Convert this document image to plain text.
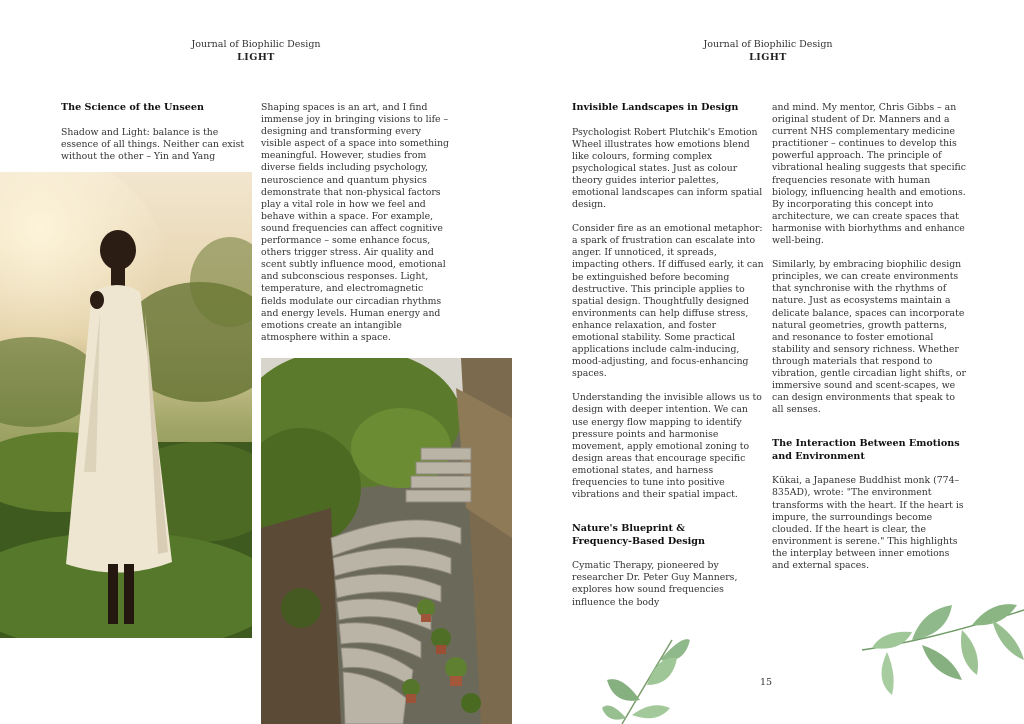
Journal of Biophilic Design
LIGHT
The Science of the Unseen

Shadow and Light: balance is the essence of all things. Neither can exist without the other – Yin and Yang

Shaping spaces is an art, and I find immense joy in bringing visions to life – designing and transforming every visible aspect of a space into something meaningful. However, studies from diverse fields including psychology, neuroscience and quantum physics demonstrate that non-physical factors play a vital role in how we feel and behave within a space. For example, sound frequencies can affect cognitive performance – some enhance focus, others trigger stress. Air quality and scent subtly influence mood, emotional and subconscious responses. Light, temperature, and electromagnetic fields modulate our circadian rhythms and energy levels. Human energy and emotions create an intangible atmosphere within a space.

Journal of Biophilic Design
LIGHT
Invisible Landscapes in Design

Psychologist Robert Plutchik's Emotion Wheel illustrates how emotions blend like colours, forming complex psychological states. Just as colour theory guides interior palettes, emotional landscapes can inform spatial design.

Consider fire as an emotional metaphor: a spark of frustration can escalate into anger. If unnoticed, it spreads, impacting others. If diffused early, it can be extinguished before becoming destructive. This principle applies to spatial design. Thoughtfully designed environments can help diffuse stress, enhance relaxation, and foster emotional stability. Some practical applications include calm-inducing, mood-adjusting, and focus-enhancing spaces.

Understanding the invisible allows us to design with deeper intention. We can use energy flow mapping to identify pressure points and harmonise movement, apply emotional zoning to design areas that encourage specific emotional states, and harness frequencies to tune into positive vibrations and their spatial impact.

Nature's Blueprint & Frequency-Based Design

Cymatic Therapy, pioneered by researcher Dr. Peter Guy Manners, explores how sound frequencies influence the body

and mind. My mentor, Chris Gibbs – an original student of Dr. Manners and a current NHS complementary medicine practitioner – continues to develop this powerful approach. The principle of vibrational healing suggests that specific frequencies resonate with human biology, influencing health and emotions. By incorporating this concept into architecture, we can create spaces that harmonise with biorhythms and enhance well-being.

Similarly, by embracing biophilic design principles, we can create environments that synchronise with the rhythms of nature. Just as ecosystems maintain a delicate balance, spaces can incorporate natural geometries, growth patterns, and resonance to foster emotional stability and sensory richness. Whether through materials that respond to vibration, gentle circadian light shifts, or immersive sound and scent-scapes, we can design environments that speak to all senses.

The Interaction Between Emotions and Environment

Kūkai, a Japanese Buddhist monk (774–835AD), wrote: "The environment transforms with the heart. If the heart is impure, the surroundings become clouded. If the heart is clear, the environment is serene." This highlights the interplay between inner emotions and external spaces.

15
